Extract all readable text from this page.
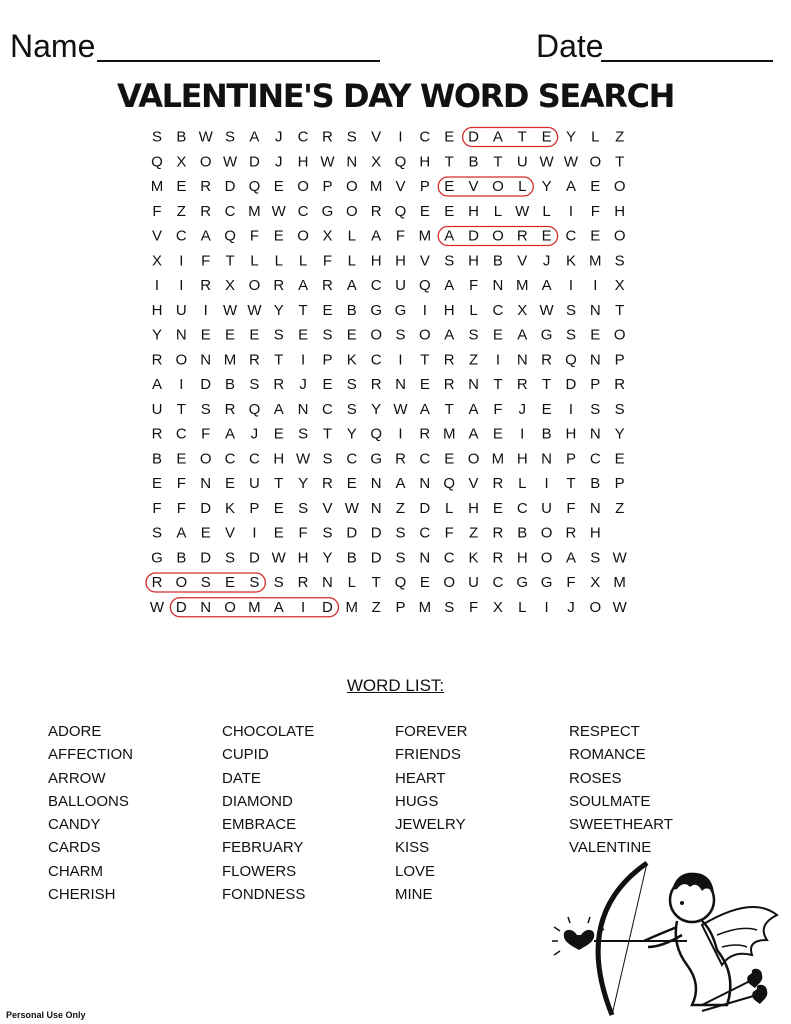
Name	Date
VALENTINE'S DAY WORD SEARCH
S B W S A J C R S V I C E D A T E Y L Z
Q X O W D J H W N X Q H T B T U W W O T
M E R D Q E O P O M V P E V O L Y A E O
F Z R C M W C G O R Q E E H L W L I F H
V C A Q F E O X L A F M A D O R E C E O
X I F T L L L F L H H V S H B V J K M S
I I R X O R A R A C U Q A F N M A I I X
H U I W W Y T E B G G I H L C X W S N T
Y N E E E S E S E O S O A S E A G S E O
R O N M R T I P K C I T R Z I N R Q N P
A I D B S R J E S R N E R N T R T D P R
U T S R Q A N C S Y W A T A F J E I S S
R C F A J E S T Y Q I R M A E I B H N Y
B E O C C H W S C G R C E O M H N P C E
E F N E U T Y R E N A N Q V R L I T B P
F F D K P E S V W N Z D L H E C U F N Z
S A E V I E F S D D S C F Z R B O R H
G B D S D W H Y B D S N C K R H O A S W
R O S E S S R N L T Q E O U C G G F X M
W D N O M A I D M Z P M S F X L I J O W
WORD LIST:
ADORE
AFFECTION
ARROW
BALLOONS
CANDY
CARDS
CHARM
CHERISH
CHOCOLATE
CUPID
DATE
DIAMOND
EMBRACE
FEBRUARY
FLOWERS
FONDNESS
FOREVER
FRIENDS
HEART
HUGS
JEWELRY
KISS
LOVE
MINE
RESPECT
ROMANCE
ROSES
SOULMATE
SWEETHEART
VALENTINE
Personal Use Only
